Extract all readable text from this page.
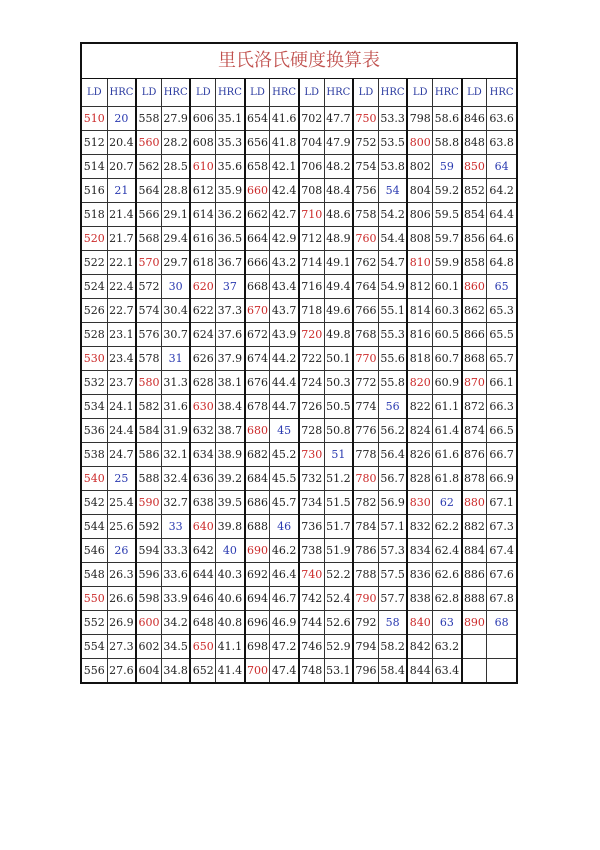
里氏洛氏硬度换算表
LD	HRC	LD	HRC	LD	HRC	LD	HRC	LD	HRC	LD	HRC	LD	HRC	LD	HRC
510	20	558	27.9	606	35.1	654	41.6	702	47.7	750	53.3	798	58.6	846	63.6
512	20.4	560	28.2	608	35.3	656	41.8	704	47.9	752	53.5	800	58.8	848	63.8
514	20.7	562	28.5	610	35.6	658	42.1	706	48.2	754	53.8	802	59	850	64
516	21	564	28.8	612	35.9	660	42.4	708	48.4	756	54	804	59.2	852	64.2
518	21.4	566	29.1	614	36.2	662	42.7	710	48.6	758	54.2	806	59.5	854	64.4
520	21.7	568	29.4	616	36.5	664	42.9	712	48.9	760	54.4	808	59.7	856	64.6
522	22.1	570	29.7	618	36.7	666	43.2	714	49.1	762	54.7	810	59.9	858	64.8
524	22.4	572	30	620	37	668	43.4	716	49.4	764	54.9	812	60.1	860	65
526	22.7	574	30.4	622	37.3	670	43.7	718	49.6	766	55.1	814	60.3	862	65.3
528	23.1	576	30.7	624	37.6	672	43.9	720	49.8	768	55.3	816	60.5	866	65.5
530	23.4	578	31	626	37.9	674	44.2	722	50.1	770	55.6	818	60.7	868	65.7
532	23.7	580	31.3	628	38.1	676	44.4	724	50.3	772	55.8	820	60.9	870	66.1
534	24.1	582	31.6	630	38.4	678	44.7	726	50.5	774	56	822	61.1	872	66.3
536	24.4	584	31.9	632	38.7	680	45	728	50.8	776	56.2	824	61.4	874	66.5
538	24.7	586	32.1	634	38.9	682	45.2	730	51	778	56.4	826	61.6	876	66.7
540	25	588	32.4	636	39.2	684	45.5	732	51.2	780	56.7	828	61.8	878	66.9
542	25.4	590	32.7	638	39.5	686	45.7	734	51.5	782	56.9	830	62	880	67.1
544	25.6	592	33	640	39.8	688	46	736	51.7	784	57.1	832	62.2	882	67.3
546	26	594	33.3	642	40	690	46.2	738	51.9	786	57.3	834	62.4	884	67.4
548	26.3	596	33.6	644	40.3	692	46.4	740	52.2	788	57.5	836	62.6	886	67.6
550	26.6	598	33.9	646	40.6	694	46.7	742	52.4	790	57.7	838	62.8	888	67.8
552	26.9	600	34.2	648	40.8	696	46.9	744	52.6	792	58	840	63	890	68
554	27.3	602	34.5	650	41.1	698	47.2	746	52.9	794	58.2	842	63.2		
556	27.6	604	34.8	652	41.4	700	47.4	748	53.1	796	58.4	844	63.4		
